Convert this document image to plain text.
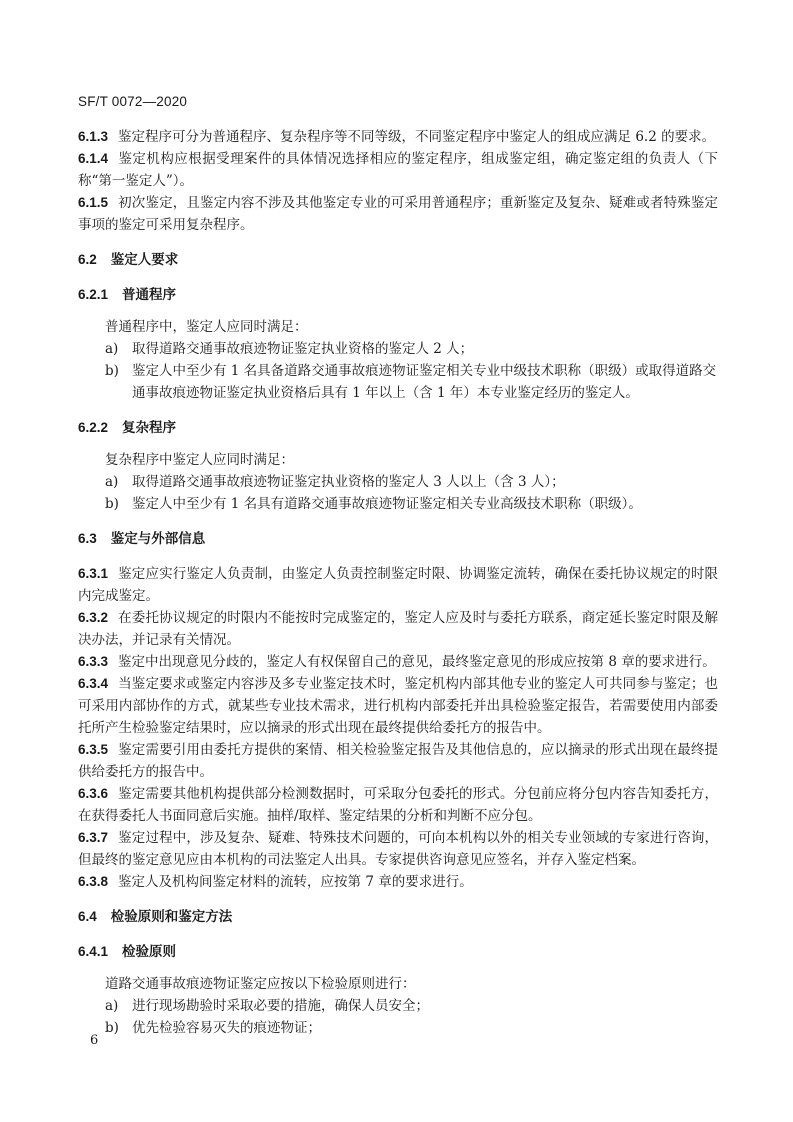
SF/T 0072—2020

6.1.3 鉴定程序可分为普通程序、复杂程序等不同等级，不同鉴定程序中鉴定人的组成应满足 6.2 的要求。

6.1.4 鉴定机构应根据受理案件的具体情况选择相应的鉴定程序，组成鉴定组，确定鉴定组的负责人（下称“第一鉴定人”）。

6.1.5 初次鉴定，且鉴定内容不涉及其他鉴定专业的可采用普通程序；重新鉴定及复杂、疑难或者特殊鉴定事项的鉴定可采用复杂程序。

6.2 鉴定人要求

6.2.1 普通程序

普通程序中，鉴定人应同时满足：

a) 取得道路交通事故痕迹物证鉴定执业资格的鉴定人 2 人；

b) 鉴定人中至少有 1 名具备道路交通事故痕迹物证鉴定相关专业中级技术职称（职级）或取得道路交通事故痕迹物证鉴定执业资格后具有 1 年以上（含 1 年）本专业鉴定经历的鉴定人。

6.2.2 复杂程序

复杂程序中鉴定人应同时满足：

a) 取得道路交通事故痕迹物证鉴定执业资格的鉴定人 3 人以上（含 3 人）；

b) 鉴定人中至少有 1 名具有道路交通事故痕迹物证鉴定相关专业高级技术职称（职级）。

6.3 鉴定与外部信息

6.3.1 鉴定应实行鉴定人负责制，由鉴定人负责控制鉴定时限、协调鉴定流转，确保在委托协议规定的时限内完成鉴定。

6.3.2 在委托协议规定的时限内不能按时完成鉴定的，鉴定人应及时与委托方联系，商定延长鉴定时限及解决办法，并记录有关情况。

6.3.3 鉴定中出现意见分歧的，鉴定人有权保留自己的意见，最终鉴定意见的形成应按第 8 章的要求进行。

6.3.4 当鉴定要求或鉴定内容涉及多专业鉴定技术时，鉴定机构内部其他专业的鉴定人可共同参与鉴定；也可采用内部协作的方式，就某些专业技术需求，进行机构内部委托并出具检验鉴定报告，若需要使用内部委托所产生检验鉴定结果时，应以摘录的形式出现在最终提供给委托方的报告中。

6.3.5 鉴定需要引用由委托方提供的案情、相关检验鉴定报告及其他信息的，应以摘录的形式出现在最终提供给委托方的报告中。

6.3.6 鉴定需要其他机构提供部分检测数据时，可采取分包委托的形式。分包前应将分包内容告知委托方，在获得委托人书面同意后实施。抽样/取样、鉴定结果的分析和判断不应分包。

6.3.7 鉴定过程中，涉及复杂、疑难、特殊技术问题的，可向本机构以外的相关专业领域的专家进行咨询，但最终的鉴定意见应由本机构的司法鉴定人出具。专家提供咨询意见应签名，并存入鉴定档案。

6.3.8 鉴定人及机构间鉴定材料的流转，应按第 7 章的要求进行。

6.4 检验原则和鉴定方法

6.4.1 检验原则

道路交通事故痕迹物证鉴定应按以下检验原则进行：

a) 进行现场勘验时采取必要的措施，确保人员安全；

b) 优先检验容易灭失的痕迹物证；

6
